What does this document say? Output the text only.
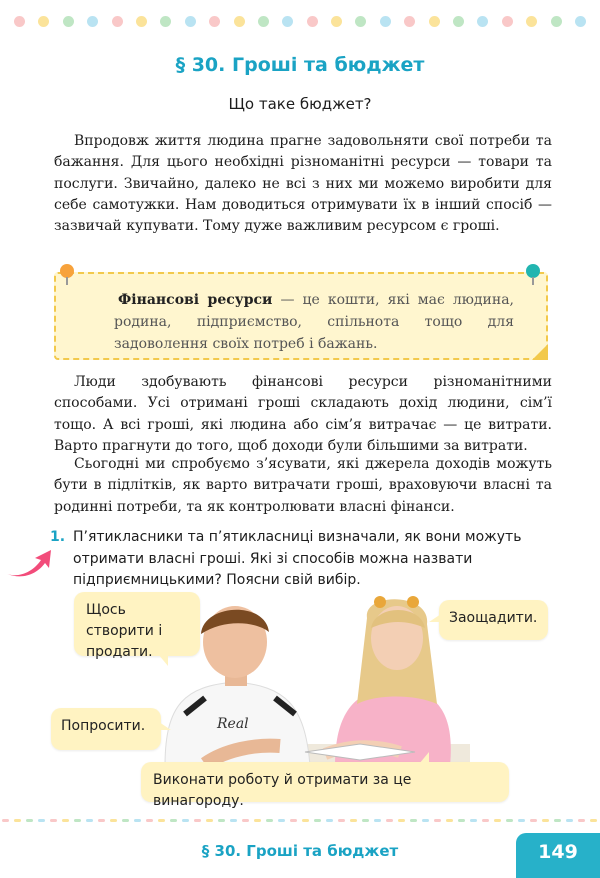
§ 30. Гроші та бюджет
Що таке бюджет?

Впродовж життя людина прагне задовольняти свої потреби та бажання. Для цього необхідні різноманітні ресурси — товари та послуги. Звичайно, далеко не всі з них ми можемо виробити для себе самотужки. Нам доводиться отримувати їх в інший спосіб — зазвичай купувати. Тому дуже важливим ресурсом є гроші.

Фінансові ресурси — це кошти, які має людина, родина, підприємство, спільнота тощо для задоволення своїх потреб і бажань.

Люди здобувають фінансові ресурси різноманітними способами. Усі отримані гроші складають дохід людини, сім’ї тощо. А всі гроші, які людина або сім’я витрачає — це витрати. Варто прагнути до того, щоб доходи були більшими за витрати.

Сьогодні ми спробуємо з’ясувати, які джерела доходів можуть бути в підлітків, як варто витрачати гроші, враховуючи власні та родинні потреби, та як контролювати власні фінанси.

1. П’ятикласники та п’ятикласниці визначали, як вони можуть отримати власні гроші. Які зі способів можна назвати підприємницькими? Поясни свій вибір.
Real
Щось створити і продати.
Заощадити.
Попросити.
Виконати роботу й отримати за це винагороду.
§ 30. Гроші та бюджет	149
